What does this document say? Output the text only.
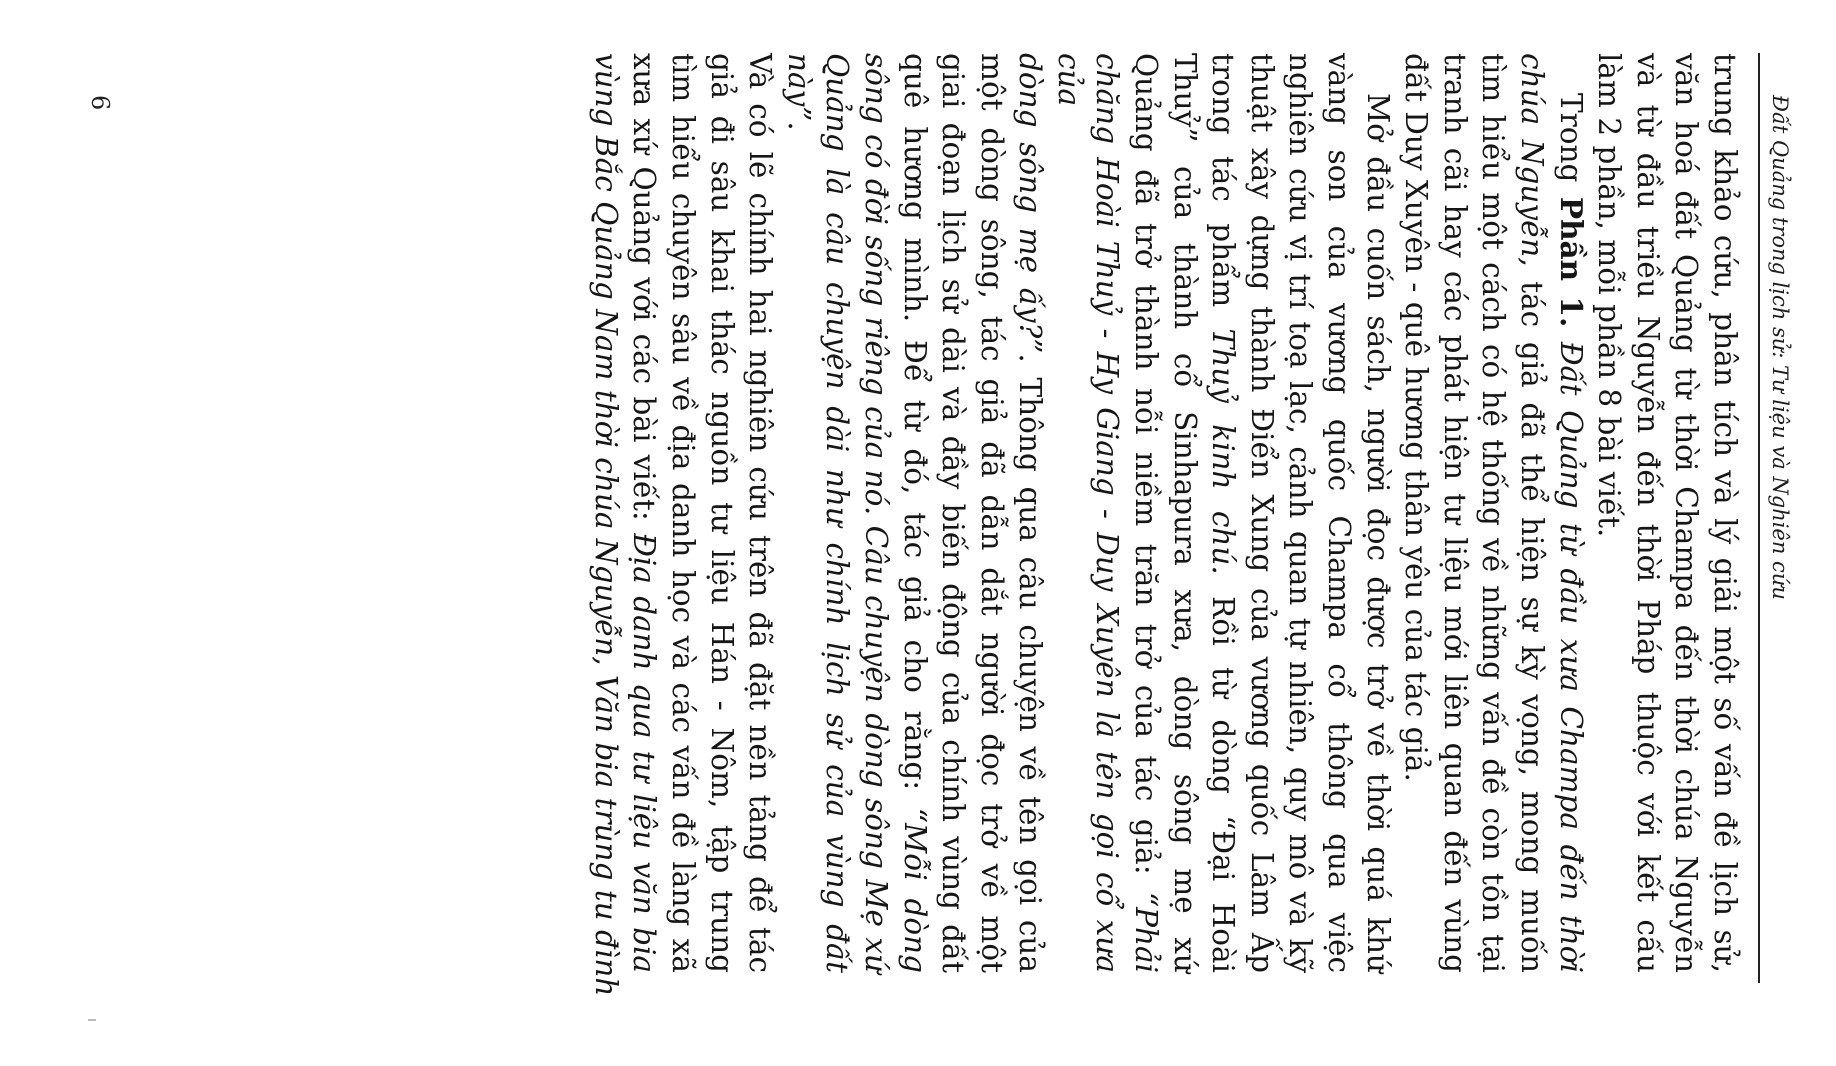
Đất Quảng trong lịch sử: Tư liệu và Nghiên cứu
trung khảo cứu, phân tích và lý giải một số vấn đề lịch sử,
văn hoá đất Quảng từ thời Champa đến thời chúa Nguyễn
và từ đầu triều Nguyễn đến thời Pháp thuộc với kết cấu
làm 2 phần, mỗi phần 8 bài viết.
Trong Phần 1. Đất Quảng từ đầu xưa Champa đến thời
chúa Nguyễn, tác giả đã thể hiện sự kỳ vọng, mong muốn
tìm hiểu một cách có hệ thống về những vấn đề còn tồn tại
tranh cãi hay các phát hiện tư liệu mới liên quan đến vùng
đất Duy Xuyên - quê hương thân yêu của tác giả.
Mở đầu cuốn sách, người đọc được trở về thời quá khứ
vàng son của vương quốc Champa cổ thông qua việc
nghiên cứu vị trí toạ lạc, cảnh quan tự nhiên, quy mô và kỹ
thuật xây dựng thành Điển Xung của vương quốc Lâm Ấp
trong tác phẩm Thuỷ kinh chú. Rồi từ dòng “Đại Hoài
Thuỷ” của thành cổ Sinhapura xưa, dòng sông mẹ xứ
Quảng đã trở thành nỗi niềm trăn trở của tác giả: “Phải
chăng Hoài Thuỷ - Hy Giang - Duy Xuyên là tên gọi cổ xưa của
dòng sông mẹ ấy?”. Thông qua câu chuyện về tên gọi của
một dòng sông, tác giả đã dẫn dắt người đọc trở về một
giai đoạn lịch sử dài và đầy biến động của chính vùng đất
quê hương mình. Để từ đó, tác giả cho rằng: “Mỗi dòng
sông có đời sống riêng của nó. Câu chuyện dòng sông Mẹ xứ
Quảng là câu chuyện dài như chính lịch sử của vùng đất này”.
Và có lẽ chính hai nghiên cứu trên đã đặt nền tảng để tác
giả đi sâu khai thác nguồn tư liệu Hán - Nôm, tập trung
tìm hiểu chuyên sâu về địa danh học và các vấn đề làng xã
xưa xứ Quảng với các bài viết: Địa danh qua tư liệu văn bia
vùng Bắc Quảng Nam thời chúa Nguyễn, Văn bia trùng tu đình
6
